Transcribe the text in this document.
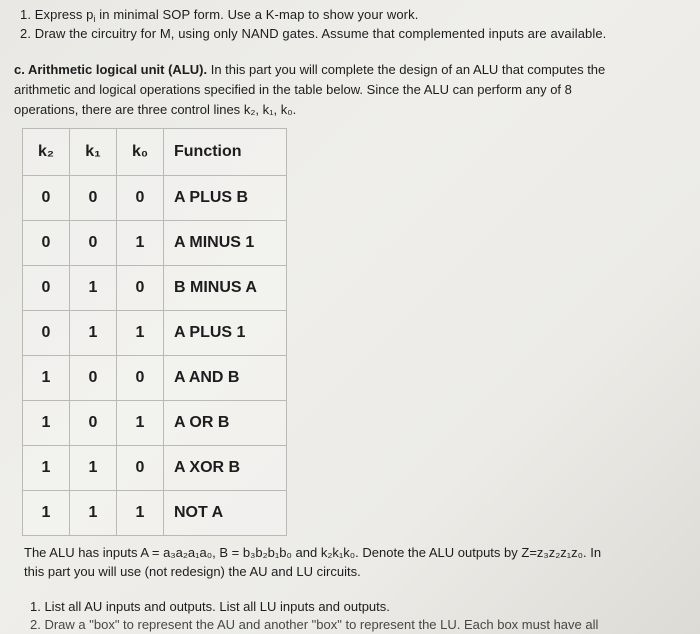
1. Express $p_i$ in minimal SOP form. Use a K-map to show your work.
2. Draw the circuitry for M, using only NAND gates. Assume that complemented inputs are available.
c. Arithmetic logical unit (ALU). In this part you will complete the design of an ALU that computes the arithmetic and logical operations specified in the table below. Since the ALU can perform any of 8 operations, there are three control lines k₂, k₁, k₀.
k₂	k₁	k₀	Function
0	0	0	A PLUS B
0	0	1	A MINUS 1
0	1	0	B MINUS A
0	1	1	A PLUS 1
1	0	0	A AND B
1	0	1	A OR B
1	1	0	A XOR B
1	1	1	NOT A
The ALU has inputs A = a₃a₂a₁a₀, B = b₃b₂b₁b₀ and k₂k₁k₀. Denote the ALU outputs by Z=z₃z₂z₁z₀. In
this part you will use (not redesign) the AU and LU circuits.
1. List all AU inputs and outputs. List all LU inputs and outputs.
2. Draw a "box" to represent the AU and another "box" to represent the LU. Each box must have all
